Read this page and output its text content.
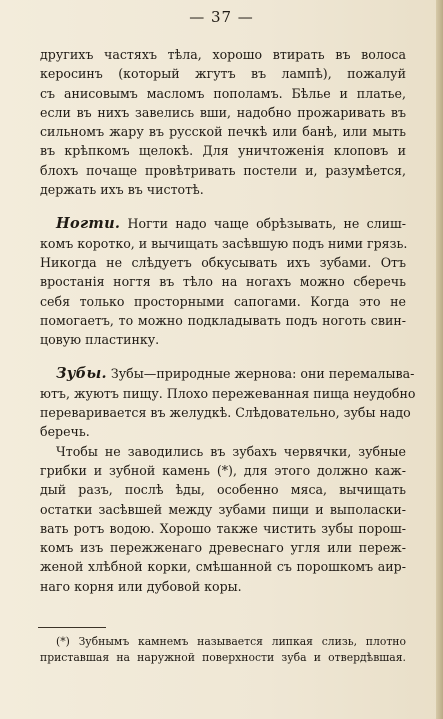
— 37 —
другихъ частяхъ тѣла, хорошо втирать въ волоса
керосинъ (который жгутъ въ лампѣ), пожалуй
съ анисовымъ масломъ пополамъ. Бѣлье и платье,
если въ нихъ завелись вши, надобно прожаривать въ
сильномъ жару въ русской печкѣ или банѣ, или мыть
въ крѣпкомъ щелокѣ. Для уничтоженія клоповъ и
блохъ почаще провѣтривать постели и, разумѣется,
держать ихъ въ чистотѣ.
Ногти. Ногти надо чаще обрѣзывать, не слиш-
комъ коротко, и вычищать засѣвшую подъ ними грязь.
Никогда не слѣдуетъ обкусывать ихъ зубами. Отъ
вростанія ногтя въ тѣло на ногахъ можно сберечь
себя только просторными сапогами. Когда это не
помогаетъ, то можно подкладывать подъ ноготь свин-
цовую пластинку.
Зубы. Зубы—природные жернова: они перемалыва-
ютъ, жуютъ пищу. Плохо пережеванная пища неудобно
переваривается въ желудкѣ. Слѣдовательно, зубы надо
беречь.
Чтобы не заводились въ зубахъ червячки, зубные
грибки и зубной камень (*), для этого должно каж-
дый разъ, послѣ ѣды, особенно мяса, вычищать
остатки засѣвшей между зубами пищи и выполаски-
вать ротъ водою. Хорошо также чистить зубы порош-
комъ изъ пережженаго древеснаго угля или переж-
женой хлѣбной корки, смѣшанной съ порошкомъ аир-
наго корня или дубовой коры.
(*) Зубнымъ камнемъ называется липкая слизь, плотно
приставшая на наружной поверхности зуба и отвердѣвшая.
